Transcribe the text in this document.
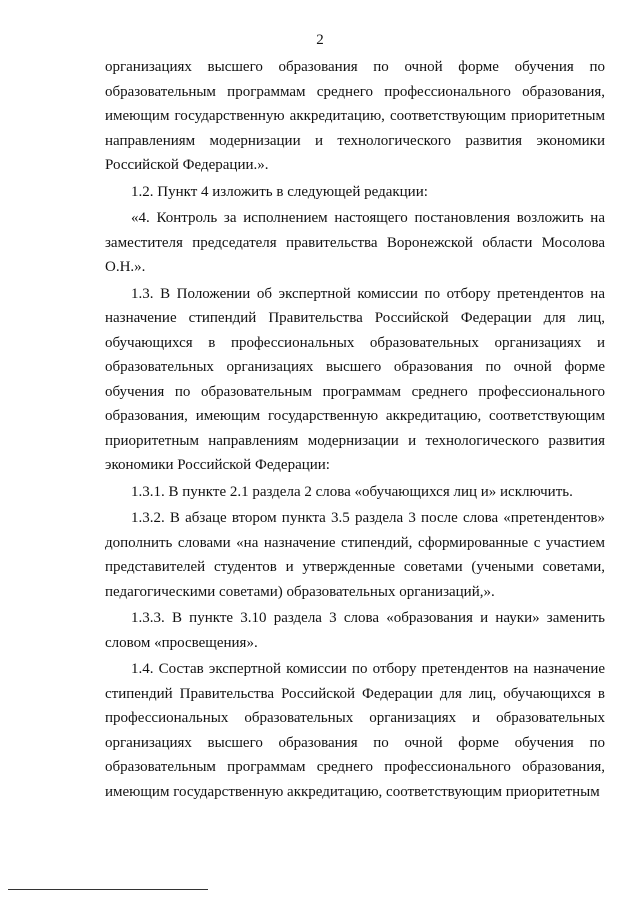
2

организациях высшего образования по очной форме обучения по образовательным программам среднего профессионального образования, имеющим государственную аккредитацию, соответствующим приоритетным направлениям модернизации и технологического развития экономики Российской Федерации.».

1.2. Пункт 4 изложить в следующей редакции:

«4. Контроль за исполнением настоящего постановления возложить на заместителя председателя правительства Воронежской области Мосолова О.Н.».

1.3. В Положении об экспертной комиссии по отбору претендентов на назначение стипендий Правительства Российской Федерации для лиц, обучающихся в профессиональных образовательных организациях и образовательных организациях высшего образования по очной форме обучения по образовательным программам среднего профессионального образования, имеющим государственную аккредитацию, соответствующим приоритетным направлениям модернизации и технологического развития экономики Российской Федерации:

1.3.1. В пункте 2.1 раздела 2 слова «обучающихся лиц и» исключить.

1.3.2. В абзаце втором пункта 3.5 раздела 3 после слова «претендентов» дополнить словами «на назначение стипендий, сформированные с участием представителей студентов и утвержденные советами (учеными советами, педагогическими советами) образовательных организаций,».

1.3.3. В пункте 3.10 раздела 3 слова «образования и науки» заменить словом «просвещения».

1.4. Состав экспертной комиссии по отбору претендентов на назначение стипендий Правительства Российской Федерации для лиц, обучающихся в профессиональных образовательных организациях и образовательных организациях высшего образования по очной форме обучения по образовательным программам среднего профессионального образования, имеющим государственную аккредитацию, соответствующим приоритетным
